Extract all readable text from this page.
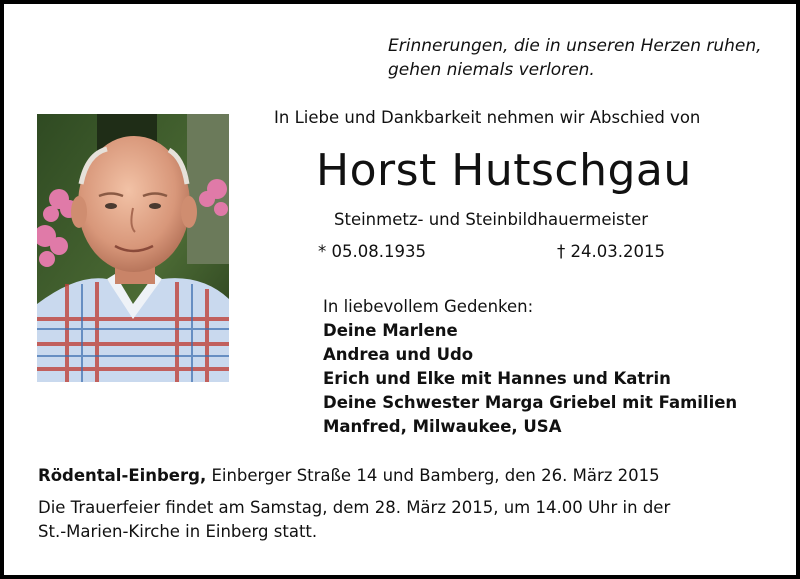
Erinnerungen, die in unseren Herzen ruhen,
gehen niemals verloren.
In Liebe und Dankbarkeit nehmen wir Abschied von
Horst Hutschgau
Steinmetz- und Steinbildhauermeister
* 05.08.1935	† 24.03.2015
In liebevollem Gedenken:
Deine Marlene
Andrea und Udo
Erich und Elke mit Hannes und Katrin
Deine Schwester Marga Griebel mit Familien
Manfred, Milwaukee, USA
Rödental-Einberg, Einberger Straße 14 und Bamberg, den 26. März 2015
Die Trauerfeier findet am Samstag, dem 28. März 2015, um 14.00 Uhr in der
St.-Marien-Kirche in Einberg statt.
